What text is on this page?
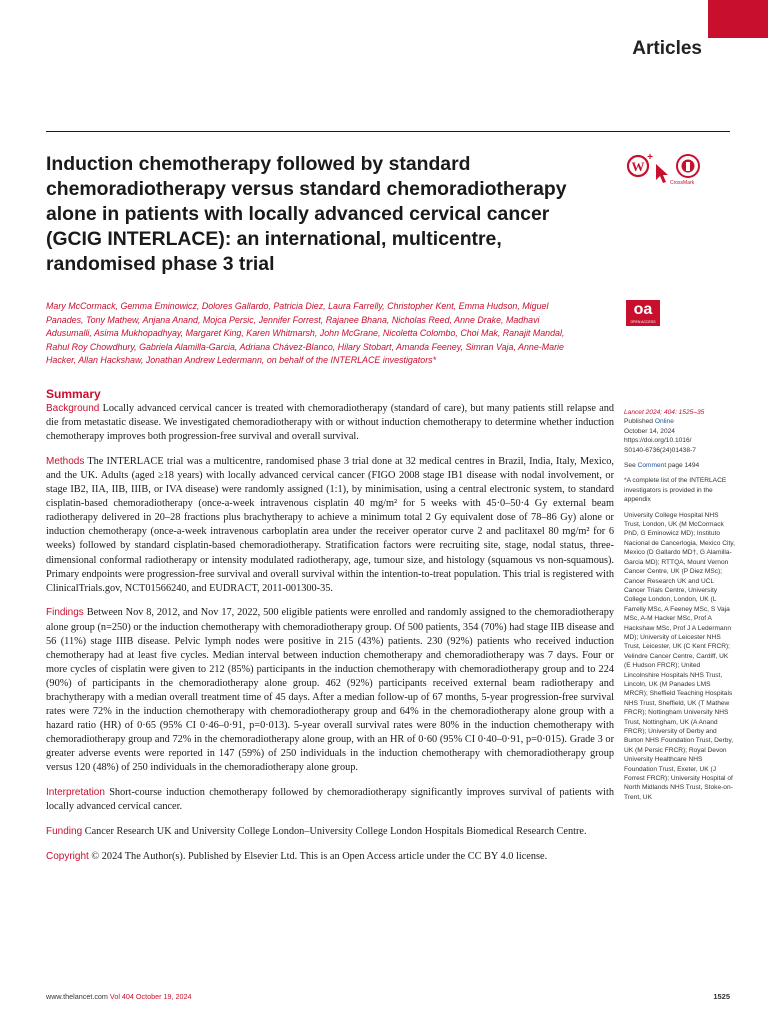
Articles
Induction chemotherapy followed by standard chemoradiotherapy versus standard chemoradiotherapy alone in patients with locally advanced cervical cancer (GCIG INTERLACE): an international, multicentre, randomised phase 3 trial
W
+
CrossMark
Mary McCormack, Gemma Eminowicz, Dolores Gallardo, Patricia Diez, Laura Farrelly, Christopher Kent, Emma Hudson, Miguel Panades, Tony Mathew, Anjana Anand, Mojca Persic, Jennifer Forrest, Rajanee Bhana, Nicholas Reed, Anne Drake, Madhavi Adusumalli, Asima Mukhopadhyay, Margaret King, Karen Whitmarsh, John McGrane, Nicoletta Colombo, Choi Mak, Ranajit Mandal, Rahul Roy Chowdhury, Gabriela Alamilla-Garcia, Adriana Chávez-Blanco, Hilary Stobart, Amanda Feeney, Simran Vaja, Anne-Marie Hacker, Allan Hackshaw, Jonathan Andrew Ledermann, on behalf of the INTERLACE investigators*
oa
OPEN ACCESS
Summary

Background Locally advanced cervical cancer is treated with chemoradiotherapy (standard of care), but many patients still relapse and die from metastatic disease. We investigated chemoradiotherapy with or without induction chemotherapy to determine whether induction chemotherapy improves both progression-free survival and overall survival.

Methods The INTERLACE trial was a multicentre, randomised phase 3 trial done at 32 medical centres in Brazil, India, Italy, Mexico, and the UK. Adults (aged ≥18 years) with locally advanced cervical cancer (FIGO 2008 stage IB1 disease with nodal involvement, or stage IB2, IIA, IIB, IIIB, or IVA disease) were randomly assigned (1:1), by minimisation, using a central electronic system, to standard cisplatin-based chemoradiotherapy (once-a-week intravenous cisplatin 40 mg/m² for 5 weeks with 45·0–50·4 Gy external beam radiotherapy delivered in 20–28 fractions plus brachytherapy to achieve a minimum total 2 Gy equivalent dose of 78–86 Gy) alone or induction chemotherapy (once-a-week intravenous carboplatin area under the receiver operator curve 2 and paclitaxel 80 mg/m² for 6 weeks) followed by standard cisplatin-based chemoradiotherapy. Stratification factors were recruiting site, stage, nodal status, three-dimensional conformal radiotherapy or intensity modulated radiotherapy, age, tumour size, and histology (squamous vs non-squamous). Primary endpoints were progression-free survival and overall survival within the intention-to-treat population. This trial is registered with ClinicalTrials.gov, NCT01566240, and EUDRACT, 2011-001300-35.

Findings Between Nov 8, 2012, and Nov 17, 2022, 500 eligible patients were enrolled and randomly assigned to the chemoradiotherapy alone group (n=250) or the induction chemotherapy with chemoradiotherapy group. Of 500 patients, 354 (70%) had stage IIB disease and 56 (11%) stage IIIB disease. Pelvic lymph nodes were positive in 215 (43%) patients. 230 (92%) patients who received induction chemotherapy had at least five cycles. Median interval between induction chemotherapy and chemoradiotherapy was 7 days. Four or more cycles of cisplatin were given to 212 (85%) participants in the induction chemotherapy with chemoradiotherapy group and to 224 (90%) of participants in the chemoradiotherapy alone group. 462 (92%) participants received external beam radiotherapy and brachytherapy with a median overall treatment time of 45 days. After a median follow-up of 67 months, 5-year progression-free survival rates were 72% in the induction chemotherapy with chemoradiotherapy group and 64% in the chemoradiotherapy alone group with a hazard ratio (HR) of 0·65 (95% CI 0·46–0·91, p=0·013). 5-year overall survival rates were 80% in the induction chemotherapy with chemoradiotherapy group and 72% in the chemoradiotherapy alone group, with an HR of 0·60 (95% CI 0·40–0·91, p=0·015). Grade 3 or greater adverse events were reported in 147 (59%) of 250 individuals in the induction chemotherapy with chemoradiotherapy group versus 120 (48%) of 250 individuals in the chemoradiotherapy alone group.

Interpretation Short-course induction chemotherapy followed by chemoradiotherapy significantly improves survival of patients with locally advanced cervical cancer.

Funding Cancer Research UK and University College London–University College London Hospitals Biomedical Research Centre.

Copyright © 2024 The Author(s). Published by Elsevier Ltd. This is an Open Access article under the CC BY 4.0 license.

Lancet 2024; 404: 1525–35
Published Online
October 14, 2024
https://doi.org/10.1016/
S0140-6736(24)01438-7

See Comment page 1494

*A complete list of the INTERLACE investigators is provided in the appendix

University College Hospital NHS Trust, London, UK (M McCormack PhD, G Eminowicz MD); Instituto Nacional de Cancerlogia, Mexico City, Mexico (D Gallardo MD†, G Alamilla-Garcia MD); RTTQA, Mount Vernon Cancer Centre, UK (P Diez MSc); Cancer Research UK and UCL Cancer Trials Centre, University College London, London, UK (L Farrelly MSc, A Feeney MSc, S Vaja MSc, A-M Hacker MSc, Prof A Hackshaw MSc, Prof J A Ledermann MD); University of Leicester NHS Trust, Leicester, UK (C Kent FRCR); Velindre Cancer Centre, Cardiff, UK (E Hudson FRCR); United Lincolnshire Hospitals NHS Trust, Lincoln, UK (M Panades LMS MRCR); Sheffield Teaching Hospitals NHS Trust, Sheffield, UK (T Mathew FRCR); Nottingham University NHS Trust, Nottingham, UK (A Anand FRCR); University of Derby and Burton NHS Foundation Trust, Derby, UK (M Persic FRCR); Royal Devon University Healthcare NHS Foundation Trust, Exeter, UK (J Forrest FRCR); University Hospital of North Midlands NHS Trust, Stoke-on-Trent, UK

www.thelancet.com Vol 404 October 19, 2024	1525
